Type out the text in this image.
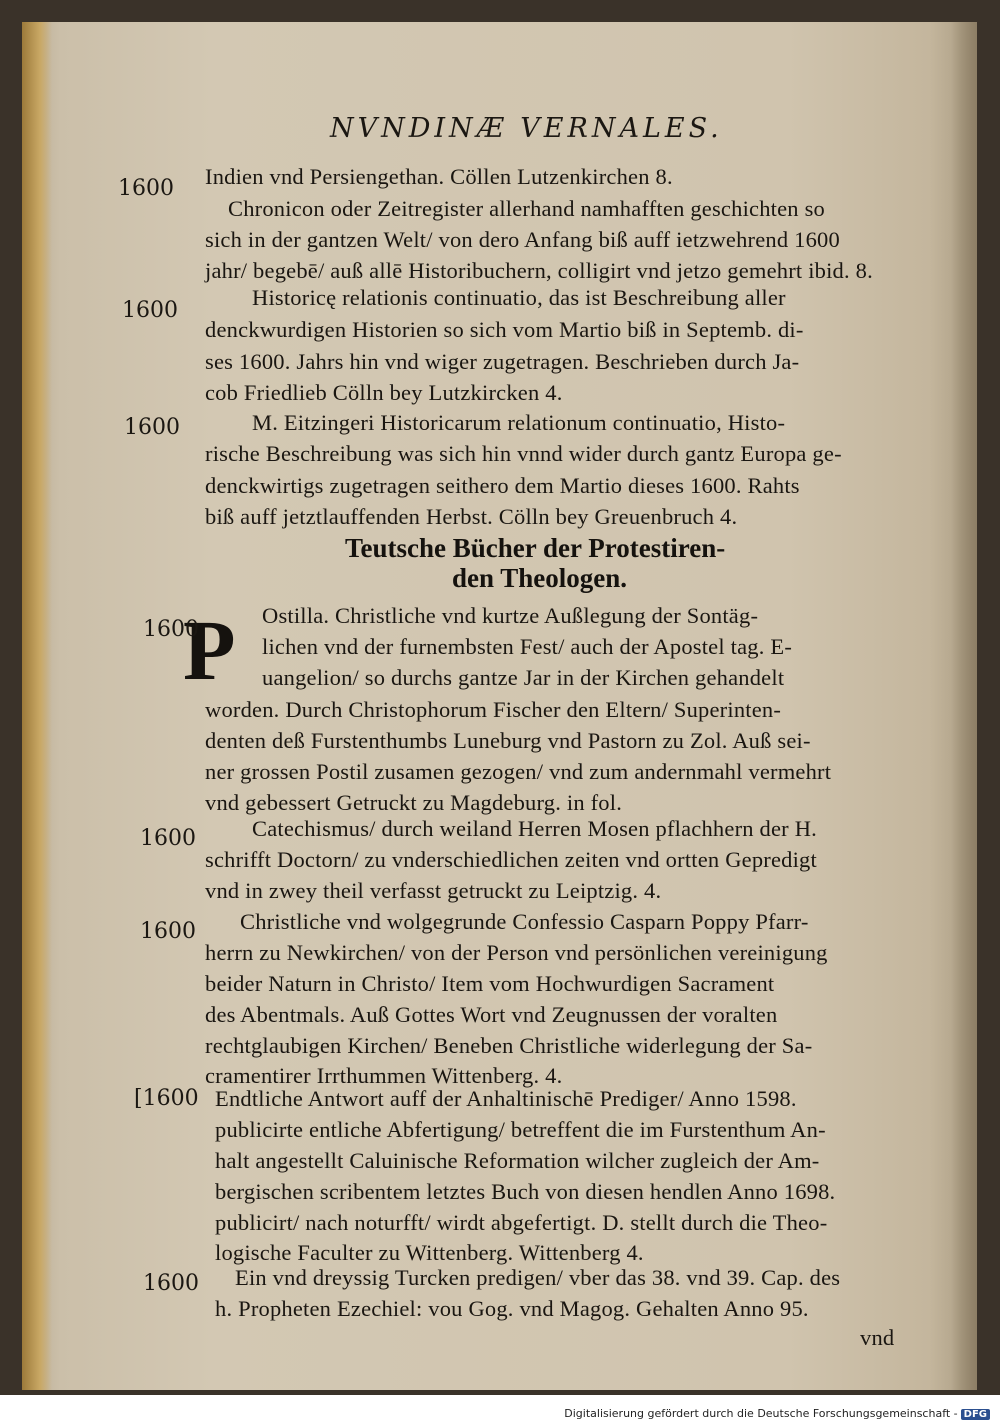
NVNDINÆ VERNALES.
1600 Indien vnd Persiengethan. Cöllen Lutzenkirchen 8.
Chronicon oder Zeitregister allerhand namhafften geschichten so
sich in der gantzen Welt/ von dero Anfang biß auff ietzwehrend 1600
jahr/ begebē/ auß allē Historibuchern, colligirt vnd jetzo gemehrt ibid. 8.
1600
Historicę relationis continuatio, das ist Beschreibung aller
denckwurdigen Historien so sich vom Martio biß in Septemb. di-
ses 1600. Jahrs hin vnd wiger zugetragen. Beschrieben durch Ja-
cob Friedlieb Cölln bey Lutzkircken 4.
1600	M. Eitzingeri Historicarum relationum continuatio, Histo-
rische Beschreibung was sich hin vnnd wider durch gantz Europa ge-
denckwirtigs zugetragen seithero dem Martio dieses 1600. Rahts
biß auff jetztlauffenden Herbst. Cölln bey Greuenbruch 4.
Teutsche Bücher der Protestiren-
den Theologen.
P
1600
Ostilla. Christliche vnd kurtze Außlegung der Sontäg-
lichen vnd der furnembsten Fest/ auch der Apostel tag. E-
uangelion/ so durchs gantze Jar in der Kirchen gehandelt
worden. Durch Christophorum Fischer den Eltern/ Superinten-
denten deß Furstenthumbs Luneburg vnd Pastorn zu Zol. Auß sei-
ner grossen Postil zusamen gezogen/ vnd zum andernmahl vermehrt
vnd gebessert Getruckt zu Magdeburg. in fol.
1600 Catechismus/ durch weiland Herren Mosen pflachhern der H.
schrifft Doctorn/ zu vnderschiedlichen zeiten vnd ortten Gepredigt
vnd in zwey theil verfasst getruckt zu Leiptzig. 4.
1600 Christliche vnd wolgegrunde Confessio Casparn Poppy Pfarr-
herrn zu Newkirchen/ von der Person vnd persönlichen vereinigung
beider Naturn in Christo/ Item vom Hochwurdigen Sacrament
des Abentmals. Auß Gottes Wort vnd Zeugnussen der voralten
rechtglaubigen Kirchen/ Beneben Christliche widerlegung der Sa-
cramentirer Irrthummen Wittenberg. 4.
[1600 Endtliche Antwort auff der Anhaltinischē Prediger/ Anno 1598.
publicirte entliche Abfertigung/ betreffent die im Furstenthum An-
halt angestellt Caluinische Reformation wilcher zugleich der Am-
bergischen scribentem letztes Buch von diesen hendlen Anno 1698.
publicirt/ nach noturfft/ wirdt abgefertigt. D. stellt durch die Theo-
logische Faculter zu Wittenberg. Wittenberg 4.
1600 Ein vnd dreyssig Turcken predigen/ vber das 38. vnd 39. Cap. des
h. Propheten Ezechiel: vou Gog. vnd Magog. Gehalten Anno 95.
vnd
Digitalisierung gefördert durch die Deutsche Forschungsgemeinschaft - DFG
